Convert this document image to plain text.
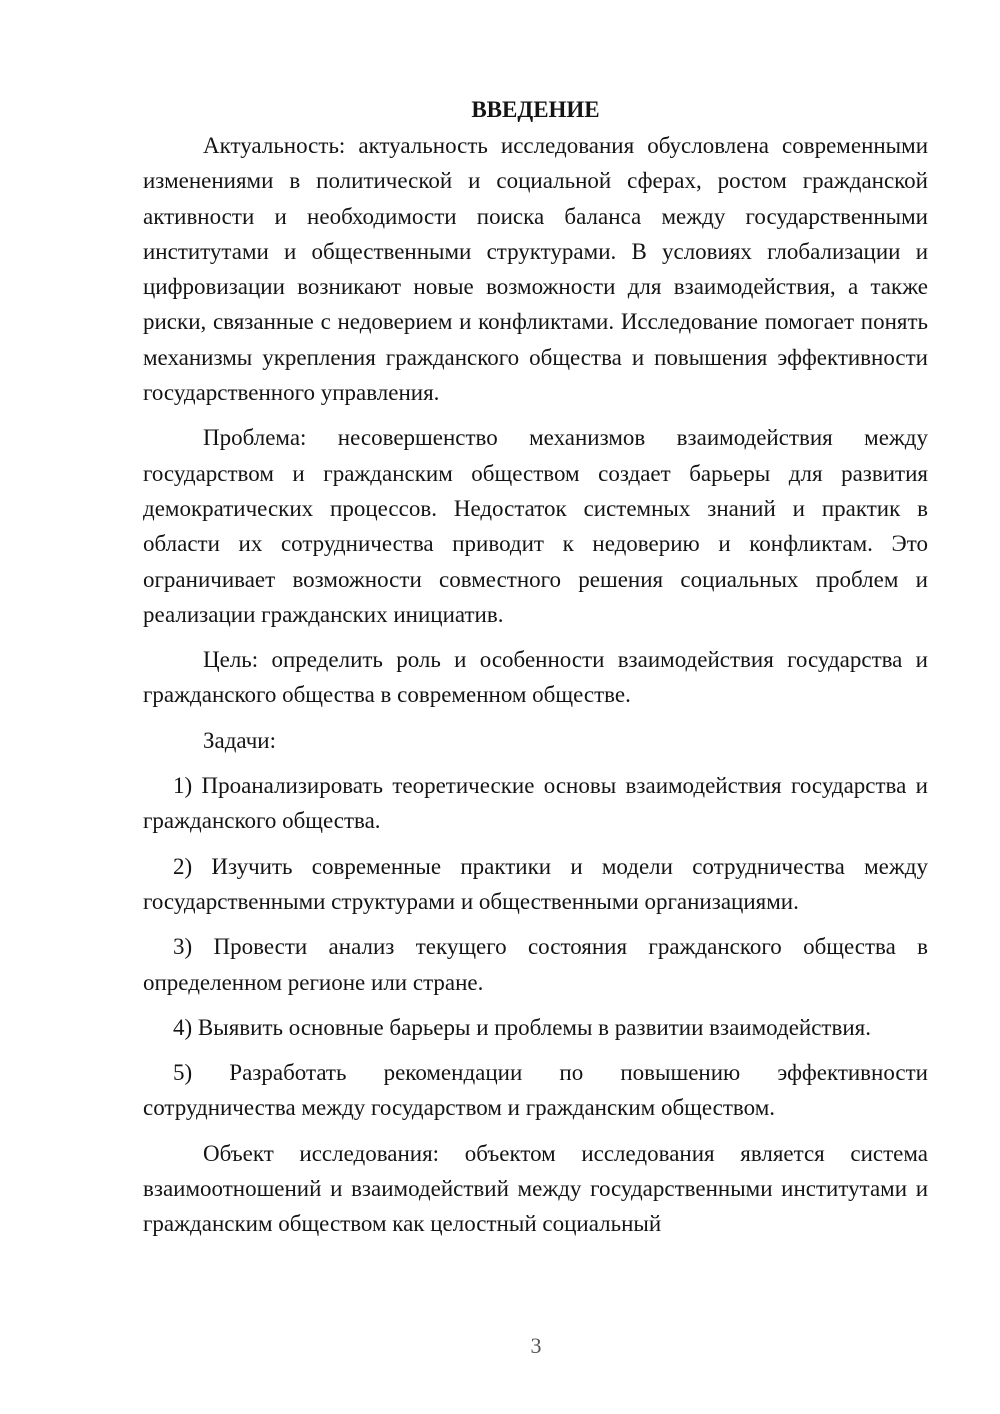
ВВЕДЕНИЕ

Актуальность: актуальность исследования обусловлена современными изменениями в политической и социальной сферах, ростом гражданской активности и необходимости поиска баланса между государственными институтами и общественными структурами. В условиях глобализации и цифровизации возникают новые возможности для взаимодействия, а также риски, связанные с недоверием и конфликтами. Исследование помогает понять механизмы укрепления гражданского общества и повышения эффективности государственного управления.

Проблема: несовершенство механизмов взаимодействия между государством и гражданским обществом создает барьеры для развития демократических процессов. Недостаток системных знаний и практик в области их сотрудничества приводит к недоверию и конфликтам. Это ограничивает возможности совместного решения социальных проблем и реализации гражданских инициатив.

Цель: определить роль и особенности взаимодействия государства и гражданского общества в современном обществе.

Задачи:

1) Проанализировать теоретические основы взаимодействия государства и гражданского общества.

2) Изучить современные практики и модели сотрудничества между государственными структурами и общественными организациями.

3) Провести анализ текущего состояния гражданского общества в определенном регионе или стране.

4) Выявить основные барьеры и проблемы в развитии взаимодействия.

5) Разработать рекомендации по повышению эффективности сотрудничества между государством и гражданским обществом.

Объект исследования: объектом исследования является система взаимоотношений и взаимодействий между государственными институтами и гражданским обществом как целостный социальный

3
